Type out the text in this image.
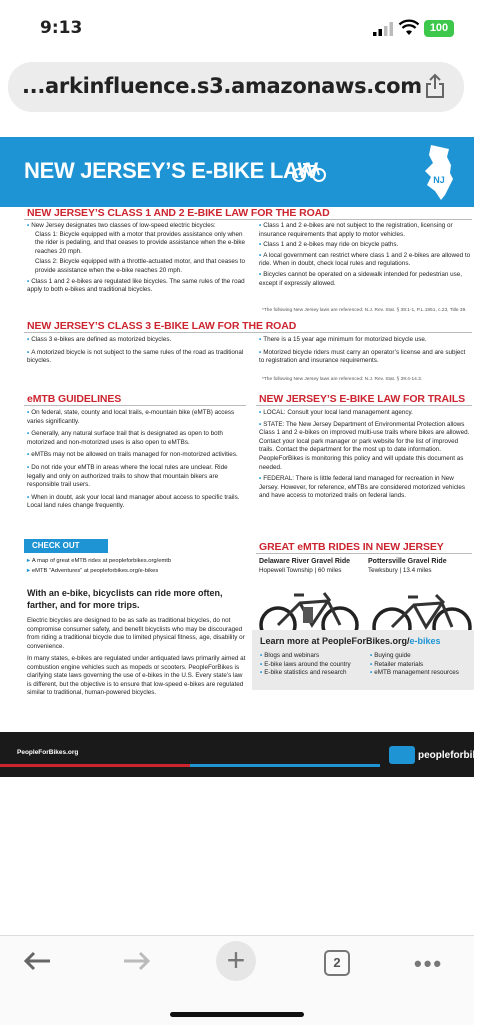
9:13	100
...arkinfluence.s3.amazonaws.com
NEW JERSEY’S E-BIKE LAW	NJ
NEW JERSEY’S CLASS 1 AND 2 E-BIKE LAW FOR THE ROAD
• New Jersey designates two classes of low-speed electric bicycles:
Class 1: Bicycle equipped with a motor that provides assistance only when the rider is pedaling, and that ceases to provide assistance when the e-bike reaches 20 mph.
Class 2: Bicycle equipped with a throttle-actuated motor, and that ceases to provide assistance when the e-bike reaches 20 mph.
• Class 1 and 2 e-bikes are regulated like bicycles. The same rules of the road apply to both e-bikes and traditional bicycles.
• Class 1 and 2 e-bikes are not subject to the registration, licensing or insurance requirements that apply to motor vehicles.
• Class 1 and 2 e-bikes may ride on bicycle paths.
• A local government can restrict where class 1 and 2 e-bikes are allowed to ride. When in doubt, check local rules and regulations.
• Bicycles cannot be operated on a sidewalk intended for pedestrian use, except if expressly allowed.
*The following New Jersey laws are referenced: N.J. Rev. Stat. § 39:1-1, P.L.1951, c.23, Title 39.
NEW JERSEY’S CLASS 3 E-BIKE LAW FOR THE ROAD
• Class 3 e-bikes are defined as motorized bicycles.
• A motorized bicycle is not subject to the same rules of the road as traditional bicycles.
• There is a 15 year age minimum for motorized bicycle use.
• Motorized bicycle riders must carry an operator’s license and are subject to registration and insurance requirements.
*The following New Jersey laws are referenced: N.J. Rev. Stat. § 39:4-14.3.
eMTB GUIDELINES
• On federal, state, county and local trails, e-mountain bike (eMTB) access varies significantly.
• Generally, any natural surface trail that is designated as open to both motorized and non-motorized uses is also open to eMTBs.
• eMTBs may not be allowed on trails managed for non-motorized activities.
• Do not ride your eMTB in areas where the local rules are unclear. Ride legally and only on authorized trails to show that mountain bikers are responsible trail users.
• When in doubt, ask your local land manager about access to specific trails. Local land rules change frequently.
NEW JERSEY’S E-BIKE LAW FOR TRAILS
• LOCAL: Consult your local land management agency.
• STATE: The New Jersey Department of Environmental Protection allows Class 1 and 2 e-bikes on improved multi-use trails where bikes are allowed. Contact your local park manager or park website for the list of improved trails. Contact the department for the most up to date information. PeopleForBikes is monitoring this policy and will update this document as needed.
• FEDERAL: There is little federal land managed for recreation in New Jersey. However, for reference, eMTBs are considered motorized vehicles and have access to motorized trails on federal lands.
CHECK OUT
▸ A map of great eMTB rides at peopleforbikes.org/emtb
▸ eMTB “Adventures” at peopleforbikes.org/e-bikes
GREAT eMTB RIDES IN NEW JERSEY
Delaware River Gravel Ride
Hopewell Township | 60 miles
Pottersville Gravel Ride
Tewksbury | 13.4 miles
With an e-bike, bicyclists can ride more often, farther, and for more trips.
Electric bicycles are designed to be as safe as traditional bicycles, do not compromise consumer safety, and benefit bicyclists who may be discouraged from riding a traditional bicycle due to limited physical fitness, age, disability or convenience.
In many states, e-bikes are regulated under antiquated laws primarily aimed at combustion engine vehicles such as mopeds or scooters. PeopleForBikes is clarifying state laws governing the use of e-bikes in the U.S. Every state’s law is different, but the objective is to ensure that low-speed e-bikes are regulated similar to traditional, human-powered bicycles.
Learn more at PeopleForBikes.org/e-bikes
• Blogs and webinars
• E-bike laws around the country
• E-bike statistics and research
• Buying guide
• Retailer materials
• eMTB management resources
PeopleForBikes.org	peopleforbikes
+	2	•••
